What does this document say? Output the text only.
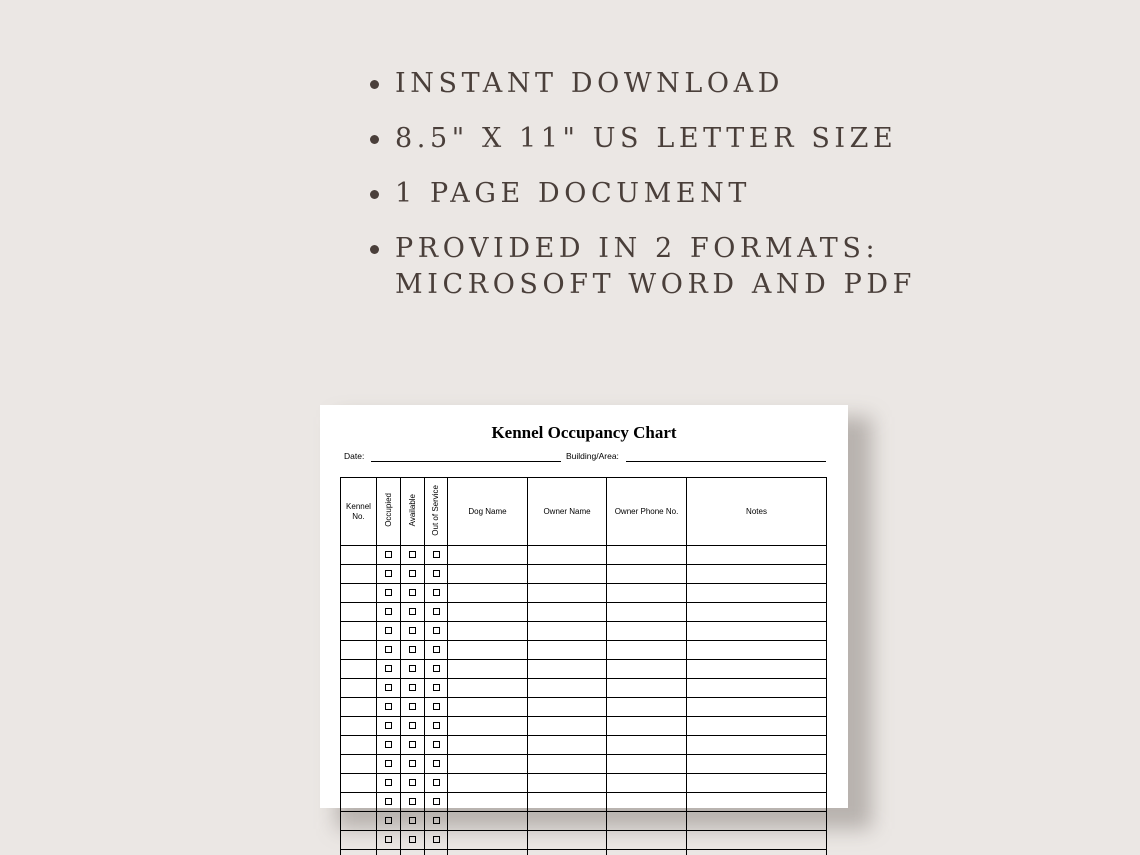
INSTANT DOWNLOAD
8.5" X 11" US LETTER SIZE
1 PAGE DOCUMENT
PROVIDED IN 2 FORMATS:
MICROSOFT WORD AND PDF
Kennel Occupancy Chart
Date:	Building/Area:
Kennel No.	Occupied	Available	Out of Service	Dog Name	Owner Name	Owner Phone No.	Notes
